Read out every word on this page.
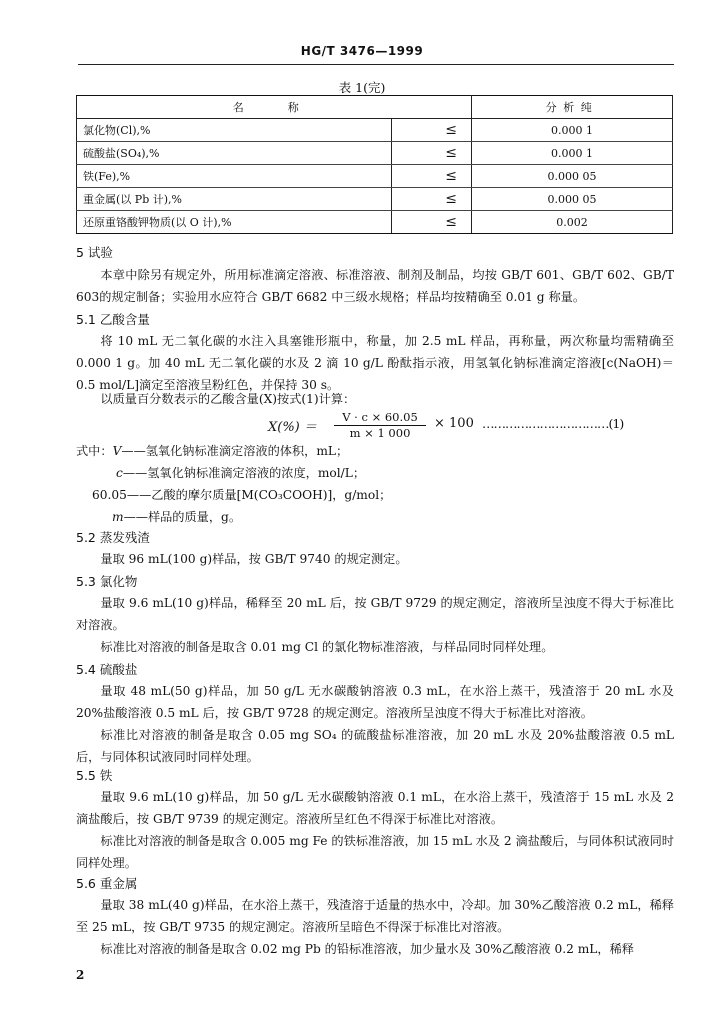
HG/T 3476—1999
表 1(完)
名　称		分析纯
氯化物(Cl),%	≤	0.000 1
硫酸盐(SO₄),%	≤	0.000 1
铁(Fe),%	≤	0.000 05
重金属(以 Pb 计),%	≤	0.000 05
还原重铬酸钾物质(以 O 计),%	≤	0.002
5 试验
本章中除另有规定外，所用标准滴定溶液、标准溶液、制剂及制品，均按 GB/T 601、GB/T 602、GB/T 603的规定制备；实验用水应符合 GB/T 6682 中三级水规格；样品均按精确至 0.01 g 称量。
5.1 乙酸含量
将 10 mL 无二氧化碳的水注入具塞锥形瓶中，称量，加 2.5 mL 样品，再称量，两次称量均需精确至 0.000 1 g。加 40 mL 无二氧化碳的水及 2 滴 10 g/L 酚酞指示液，用氢氧化钠标准滴定溶液[c(NaOH)＝0.5 mol/L]滴定至溶液呈粉红色，并保持 30 s。
以质量百分数表示的乙酸含量(X)按式(1)计算：
$X(\%) = \frac{V \cdot c \times 60.05}{m \times 1 000} \times 100$ ……………………………(1)
式中：V——氢氧化钠标准滴定溶液的体积，mL；
c——氢氧化钠标准滴定溶液的浓度，mol/L；
60.05——乙酸的摩尔质量[M(CO₃COOH)]，g/mol；
m——样品的质量，g。
5.2 蒸发残渣
量取 96 mL(100 g)样品，按 GB/T 9740 的规定测定。
5.3 氯化物
量取 9.6 mL(10 g)样品，稀释至 20 mL 后，按 GB/T 9729 的规定测定，溶液所呈浊度不得大于标准比对溶液。
标准比对溶液的制备是取含 0.01 mg Cl 的氯化物标准溶液，与样品同时同样处理。
5.4 硫酸盐
量取 48 mL(50 g)样品，加 50 g/L 无水碳酸钠溶液 0.3 mL，在水浴上蒸干，残渣溶于 20 mL 水及 20%盐酸溶液 0.5 mL 后，按 GB/T 9728 的规定测定。溶液所呈浊度不得大于标准比对溶液。
标准比对溶液的制备是取含 0.05 mg SO₄ 的硫酸盐标准溶液，加 20 mL 水及 20%盐酸溶液 0.5 mL后，与同体积试液同时同样处理。
5.5 铁
量取 9.6 mL(10 g)样品，加 50 g/L 无水碳酸钠溶液 0.1 mL，在水浴上蒸干，残渣溶于 15 mL 水及 2 滴盐酸后，按 GB/T 9739 的规定测定。溶液所呈红色不得深于标准比对溶液。
标准比对溶液的制备是取含 0.005 mg Fe 的铁标准溶液，加 15 mL 水及 2 滴盐酸后，与同体积试液同时同样处理。
5.6 重金属
量取 38 mL(40 g)样品，在水浴上蒸干，残渣溶于适量的热水中，冷却。加 30%乙酸溶液 0.2 mL，稀释至 25 mL，按 GB/T 9735 的规定测定。溶液所呈暗色不得深于标准比对溶液。
标准比对溶液的制备是取含 0.02 mg Pb 的铅标准溶液，加少量水及 30%乙酸溶液 0.2 mL，稀释
2
